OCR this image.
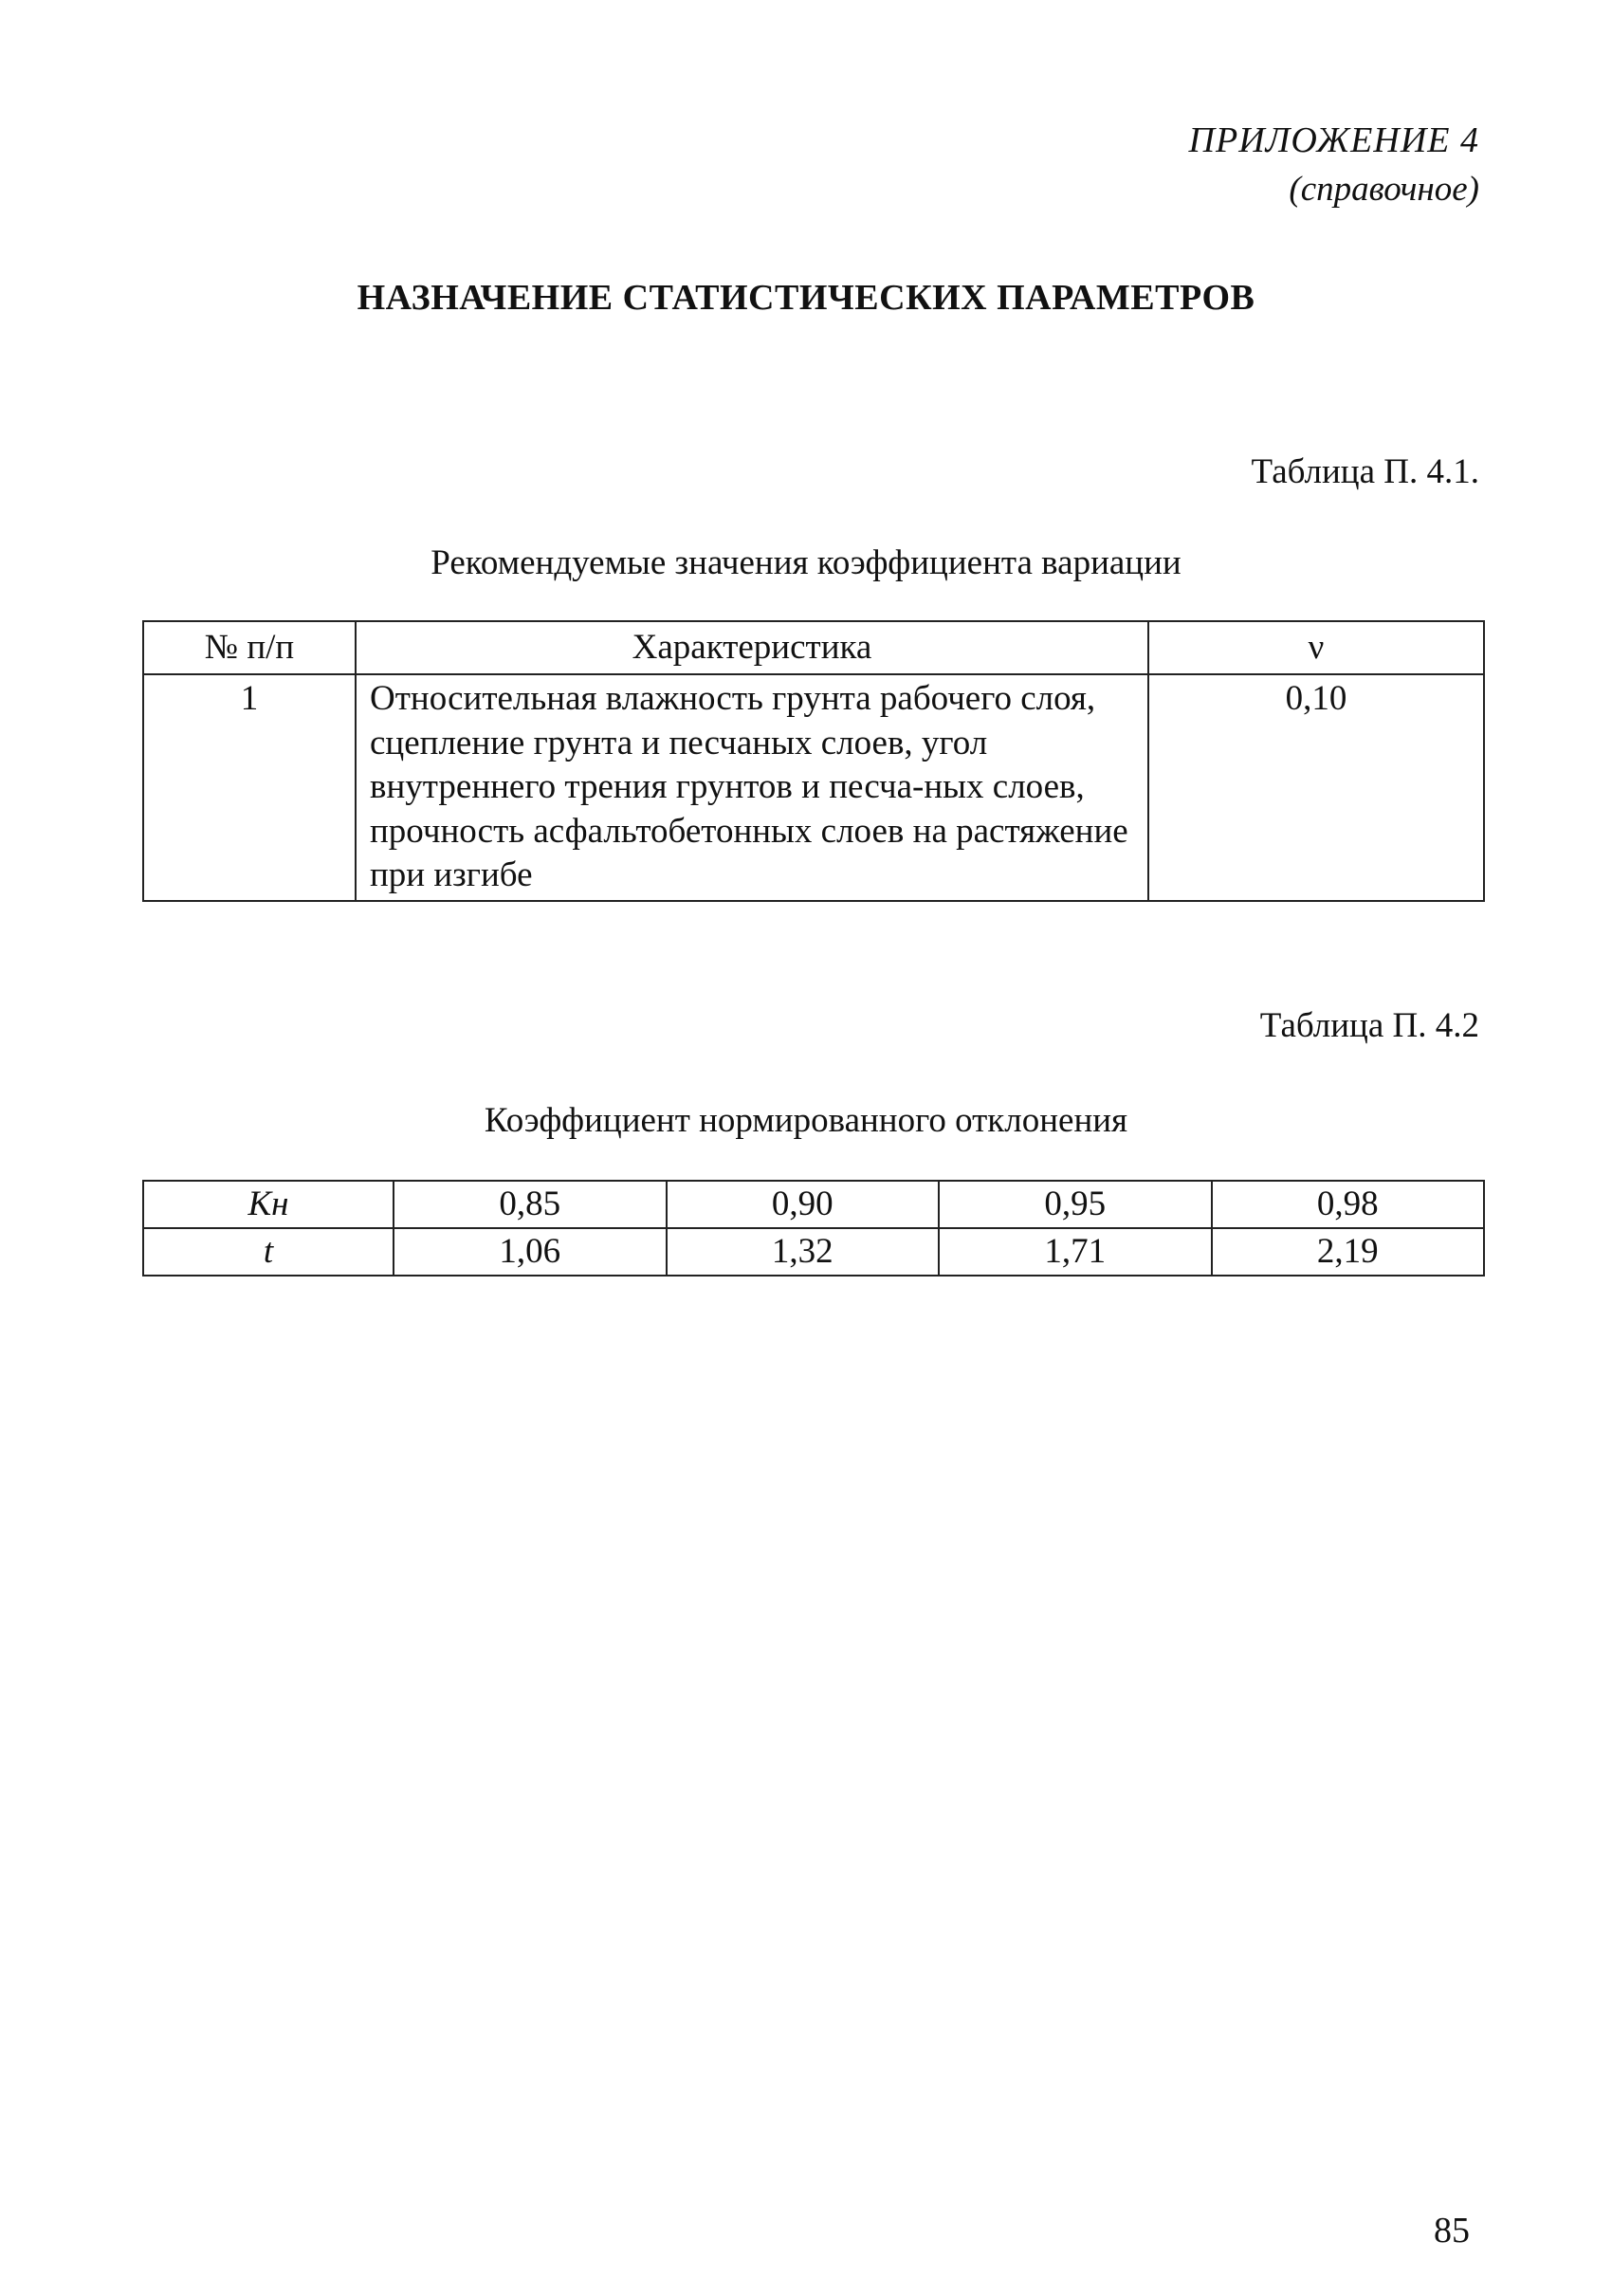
ПРИЛОЖЕНИЕ 4
(справочное)
НАЗНАЧЕНИЕ СТАТИСТИЧЕСКИХ ПАРАМЕТРОВ
Таблица П. 4.1.
Рекомендуемые значения коэффициента вариации
№ п/п	Характеристика	ν
1	Относительная влажность грунта рабочего слоя, сцепление грунта и песчаных слоев, угол внутреннего трения грунтов и песча-ных слоев, прочность асфальтобетонных слоев на растяжение при изгибе	0,10
Таблица П. 4.2
Коэффициент нормированного отклонения
Kн	0,85	0,90	0,95	0,98
t	1,06	1,32	1,71	2,19
85
